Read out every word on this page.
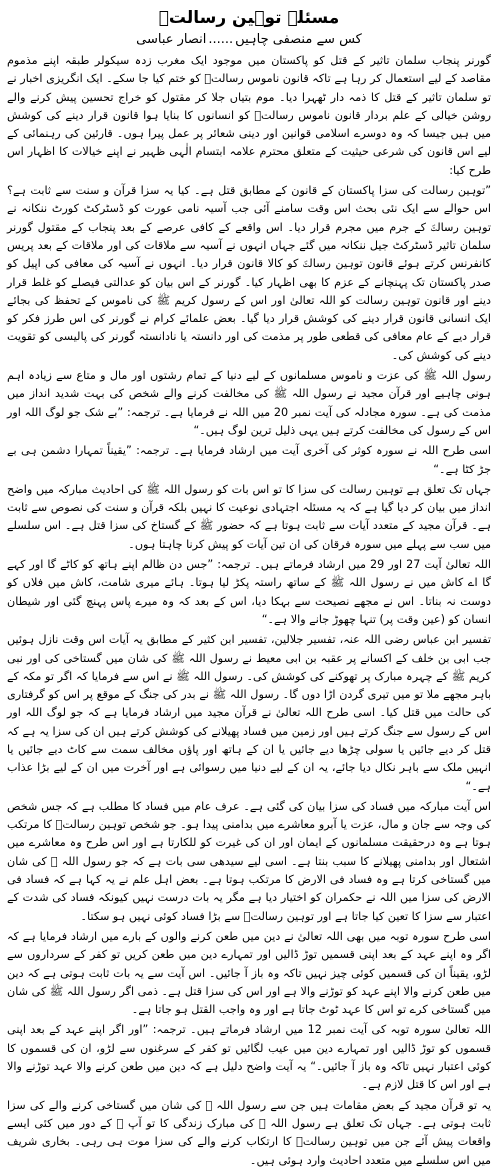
مسئلہ توہین رسالتؐ
کس سے منصفی چاہیں......انصار عباسی

گورنر پنجاب سلمان تاثیر کے قتل کو پاکستان میں موجود ایک مغرب زدہ سیکولر طبقہ اپنے مذموم مقاصد کے لیے استعمال کر رہا ہے تاکہ قانون ناموس رسالتؐ کو ختم کیا جا سکے۔ ایک انگریزی اخبار نے تو سلمان تاثیر کے قتل کا ذمہ دار ٹھہرا دیا۔ موم بتیاں جلا کر مقتول کو خراج تحسین پیش کرنے والے روشن خیالی کے علم بردار قانون ناموس رسالتؐ کو انسانوں کا بنایا ہوا قانون قرار دینے کی کوشش میں ہیں جیسا کہ وہ دوسرے اسلامی قوانین اور دینی شعائر پر عمل پیرا ہوں۔ قارئین کی رہنمائی کے لیے اس قانون کی شرعی حیثیت کے متعلق محترم علامہ ابتسام الٰہی ظہیر نے اپنے خیالات کا اظہار اس طرح کیا:

”توہین رسالت کی سزا پاکستان کے قانون کے مطابق قتل ہے۔ کیا یہ سزا قرآن و سنت سے ثابت ہے؟ اس حوالے سے ایک نئی بحث اس وقت سامنے آئی جب آسیہ نامی عورت کو ڈسٹرکٹ کورٹ ننکانہ نے توہین رسالتؐ کے جرم میں مجرم قرار دیا۔ اس واقعے کے کافی عرصے کے بعد پنجاب کے مقتول گورنر سلمان تاثیر ڈسٹرکٹ جیل ننکانہ میں گئے جہاں انہوں نے آسیہ سے ملاقات کی اور ملاقات کے بعد پریس کانفرنس کرتے ہوئے قانون توہین رسالتؐ کو کالا قانون قرار دیا۔ انہوں نے آسیہ کی معافی کی اپیل کو صدر پاکستان تک پہنچانے کے عزم کا بھی اظہار کیا۔ گورنر کے اس بیان کو عدالتی فیصلے کو غلط قرار دینے اور قانون توہین رسالت کو اللہ تعالیٰ اور اس کے رسول کریم ﷺ کی ناموس کے تحفظ کی بجائے ایک انسانی قانون قرار دینے کی کوشش قرار دیا گیا۔ بعض علمائے کرام نے گورنر کی اس طرز فکر کو قرار دیے کے عام معافی کی قطعی طور پر مذمت کی اور دانستہ یا نادانستہ گورنر کی پالیسی کو تقویت دینے کی کوشش کی۔

رسول اللہ ﷺ کی عزت و ناموس مسلمانوں کے لیے دنیا کے تمام رشتوں اور مال و متاع سے زیادہ اہم ہونی چاہیے اور قرآن مجید نے رسول اللہ ﷺ کی مخالفت کرنے والے شخص کی بہت شدید انداز میں مذمت کی ہے۔ سورہ مجادلہ کی آیت نمبر 20 میں اللہ نے فرمایا ہے۔ ترجمہ: ”بے شک جو لوگ اللہ اور اس کے رسول کی مخالفت کرتے ہیں یہی ذلیل ترین لوگ ہیں۔“

اسی طرح اللہ نے سورہ کوثر کی آخری آیت میں ارشاد فرمایا ہے۔ ترجمہ: ”یقیناً تمہارا دشمن ہی بے جڑ کٹا ہے۔“

جہاں تک تعلق ہے توہین رسالت کی سزا کا تو اس بات کو رسول اللہ ﷺ کی احادیث مبارکہ میں واضح انداز میں بیان کر دیا گیا ہے کہ یہ مسئلہ اجتہادی نوعیت کا نہیں بلکہ قرآن و سنت کی نصوص سے ثابت ہے۔ قرآن مجید کے متعدد آیات سے ثابت ہوتا ہے کہ حضور ﷺ کے گستاخ کی سزا قتل ہے۔ اس سلسلے میں سب سے پہلے میں سورہ فرقان کی ان تین آیات کو پیش کرنا چاہتا ہوں۔

اللہ تعالیٰ آیت 27 اور 29 میں ارشاد فرماتے ہیں۔ ترجمہ: ”جس دن ظالم اپنے ہاتھ کو کاٹے گا اور کہے گا اے کاش میں نے رسول اللہ ﷺ کے ساتھ راستہ پکڑ لیا ہوتا۔ ہائے میری شامت، کاش میں فلاں کو دوست نہ بناتا۔ اس نے مجھے نصیحت سے بہکا دیا، اس کے بعد کہ وہ میرے پاس پہنچ گئی اور شیطان انسان کو (عین وقت پر) تنہا چھوڑ جانے والا ہے۔“

تفسیر ابن عباس رضی اللہ عنہ، تفسیر جلالین، تفسیر ابن کثیر کے مطابق یہ آیات اس وقت نازل ہوئیں جب ابی بن خلف کے اکسانے پر عقبہ بن ابی معیط نے رسول اللہ ﷺ کی شان میں گستاخی کی اور نبی کریم ﷺ کے چہرہ مبارک پر تھوکنے کی کوشش کی۔ رسول اللہ ﷺ نے اس سے فرمایا کہ اگر تو مکہ کے باہر مجھے ملا تو میں تیری گردن اڑا دوں گا۔ رسول اللہ ﷺ نے بدر کی جنگ کے موقع پر اس کو گرفتاری کی حالت میں قتل کیا۔ اسی طرح اللہ تعالیٰ نے قرآن مجید میں ارشاد فرمایا ہے کہ جو لوگ اللہ اور اس کے رسول سے جنگ کرتے ہیں اور زمین میں فساد پھیلانے کی کوشش کرتے ہیں ان کی سزا یہ ہے کہ قتل کر دیے جائیں یا سولی چڑھا دیے جائیں یا ان کے ہاتھ اور پاؤں مخالف سمت سے کاٹ دیے جائیں یا انہیں ملک سے باہر نکال دیا جائے، یہ ان کے لیے دنیا میں رسوائی ہے اور آخرت میں ان کے لیے بڑا عذاب ہے۔“

اس آیت مبارکہ میں فساد کی سزا بیان کی گئی ہے۔ عرف عام میں فساد کا مطلب ہے کہ جس شخص کی وجہ سے جان و مال، عزت یا آبرو معاشرے میں بدامنی پیدا ہو۔ جو شخص توہین رسالتؐ کا مرتکب ہوتا ہے وہ درحقیقت مسلمانوں کے ایمان اور ان کی غیرت کو للکارتا ہے اور اس طرح وہ معاشرے میں اشتعال اور بدامنی پھیلانے کا سبب بنتا ہے۔ اسی لیے سیدھی سی بات ہے کہ جو رسول اللہ ﷺ کی شان میں گستاخی کرتا ہے وہ فساد فی الارض کا مرتکب ہوتا ہے۔ بعض اہل علم نے یہ کہا ہے کہ فساد فی الارض کی سزا میں اللہ نے حکمران کو اختیار دیا ہے مگر یہ بات درست نہیں کیونکہ فساد کی شدت کے اعتبار سے سزا کا تعین کیا جاتا ہے اور توہین رسالتؐ سے بڑا فساد کوئی نہیں ہو سکتا۔

اسی طرح سورہ توبہ میں بھی اللہ تعالیٰ نے دین میں طعن کرنے والوں کے بارے میں ارشاد فرمایا ہے کہ اگر وہ اپنے عہد کے بعد اپنی قسمیں توڑ ڈالیں اور تمہارے دین میں طعن کریں تو کفر کے سرداروں سے لڑو، یقیناً ان کی قسمیں کوئی چیز نہیں تاکہ وہ باز آ جائیں۔ اس آیت سے یہ بات ثابت ہوتی ہے کہ دین میں طعن کرنے والا اپنے عہد کو توڑنے والا ہے اور اس کی سزا قتل ہے۔ ذمی اگر رسول اللہ ﷺ کی شان میں گستاخی کرے تو اس کا عہد ٹوٹ جاتا ہے اور وہ واجب القتل ہو جاتا ہے۔

اللہ تعالیٰ سورہ توبہ کی آیت نمبر 12 میں ارشاد فرماتے ہیں۔ ترجمہ: ”اور اگر اپنے عہد کے بعد اپنی قسموں کو توڑ ڈالیں اور تمہارے دین میں عیب لگائیں تو کفر کے سرغنوں سے لڑو، ان کی قسموں کا کوئی اعتبار نہیں تاکہ وہ باز آ جائیں۔“ یہ آیت واضح دلیل ہے کہ دین میں طعن کرنے والا عہد توڑنے والا ہے اور اس کا قتل لازم ہے۔

یہ تو قرآن مجید کے بعض مقامات ہیں جن سے رسول اللہ ﷺ کی شان میں گستاخی کرنے والے کی سزا ثابت ہوتی ہے۔ جہاں تک تعلق ہے رسول اللہ ﷺ کی مبارک زندگی کا تو آپ ﷺ کے دور میں کئی ایسے واقعات پیش آئے جن میں توہین رسالتؐ کا ارتکاب کرنے والے کی سزا موت ہی رہی۔ بخاری شریف میں اس سلسلے میں متعدد احادیث وارد ہوئی ہیں۔
